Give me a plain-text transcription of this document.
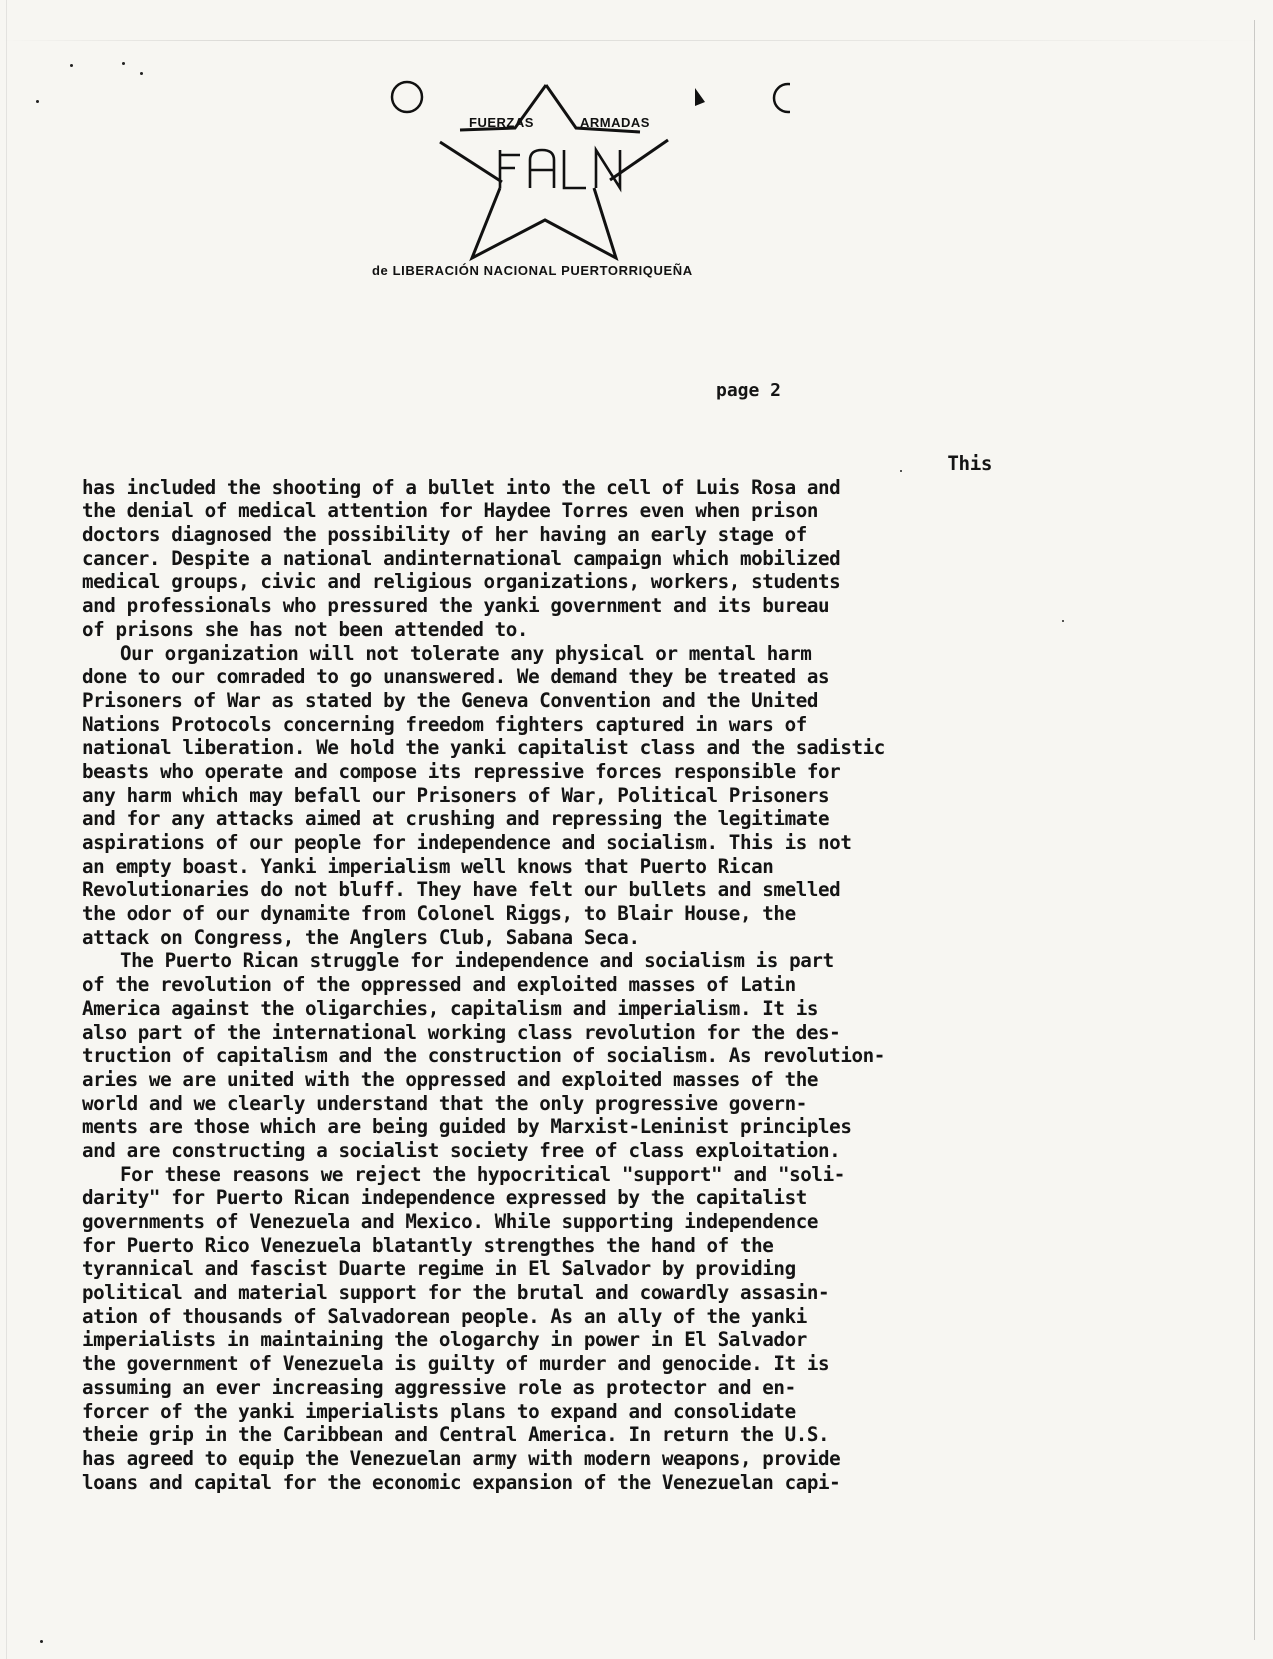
FUERZAS	ARMADAS
de LIBERACIÓN NACIONAL PUERTORRIQUEÑA
page 2
This
has included the shooting of a bullet into the cell of Luis Rosa and
the denial of medical attention for Haydee Torres even when prison
doctors diagnosed the possibility of her having an early stage of
cancer. Despite a national andinternational campaign which mobilized
medical groups, civic and religious organizations, workers, students
and professionals who pressured the yanki government and its bureau
of prisons she has not been attended to.
Our organization will not tolerate any physical or mental harm
done to our comraded to go unanswered. We demand they be treated as
Prisoners of War as stated by the Geneva Convention and the United
Nations Protocols concerning freedom fighters captured in wars of
national liberation. We hold the yanki capitalist class and the sadistic
beasts who operate and compose its repressive forces responsible for
any harm which may befall our Prisoners of War, Political Prisoners
and for any attacks aimed at crushing and repressing the legitimate
aspirations of our people for independence and socialism. This is not
an empty boast. Yanki imperialism well knows that Puerto Rican
Revolutionaries do not bluff. They have felt our bullets and smelled
the odor of our dynamite from Colonel Riggs, to Blair House, the
attack on Congress, the Anglers Club, Sabana Seca.
The Puerto Rican struggle for independence and socialism is part
of the revolution of the oppressed and exploited masses of Latin
America against the oligarchies, capitalism and imperialism. It is
also part of the international working class revolution for the des-
truction of capitalism and the construction of socialism. As revolution-
aries we are united with the oppressed and exploited masses of the
world and we clearly understand that the only progressive govern-
ments are those which are being guided by Marxist-Leninist principles
and are constructing a socialist society free of class exploitation.
For these reasons we reject the hypocritical "support" and "soli-
darity" for Puerto Rican independence expressed by the capitalist
governments of Venezuela and Mexico. While supporting independence
for Puerto Rico Venezuela blatantly strengthes the hand of the
tyrannical and fascist Duarte regime in El Salvador by providing
political and material support for the brutal and cowardly assasin-
ation of thousands of Salvadorean people. As an ally of the yanki
imperialists in maintaining the ologarchy in power in El Salvador
the government of Venezuela is guilty of murder and genocide. It is
assuming an ever increasing aggressive role as protector and en-
forcer of the yanki imperialists plans to expand and consolidate
theie grip in the Caribbean and Central America. In return the U.S.
has agreed to equip the Venezuelan army with modern weapons, provide
loans and capital for the economic expansion of the Venezuelan capi-
